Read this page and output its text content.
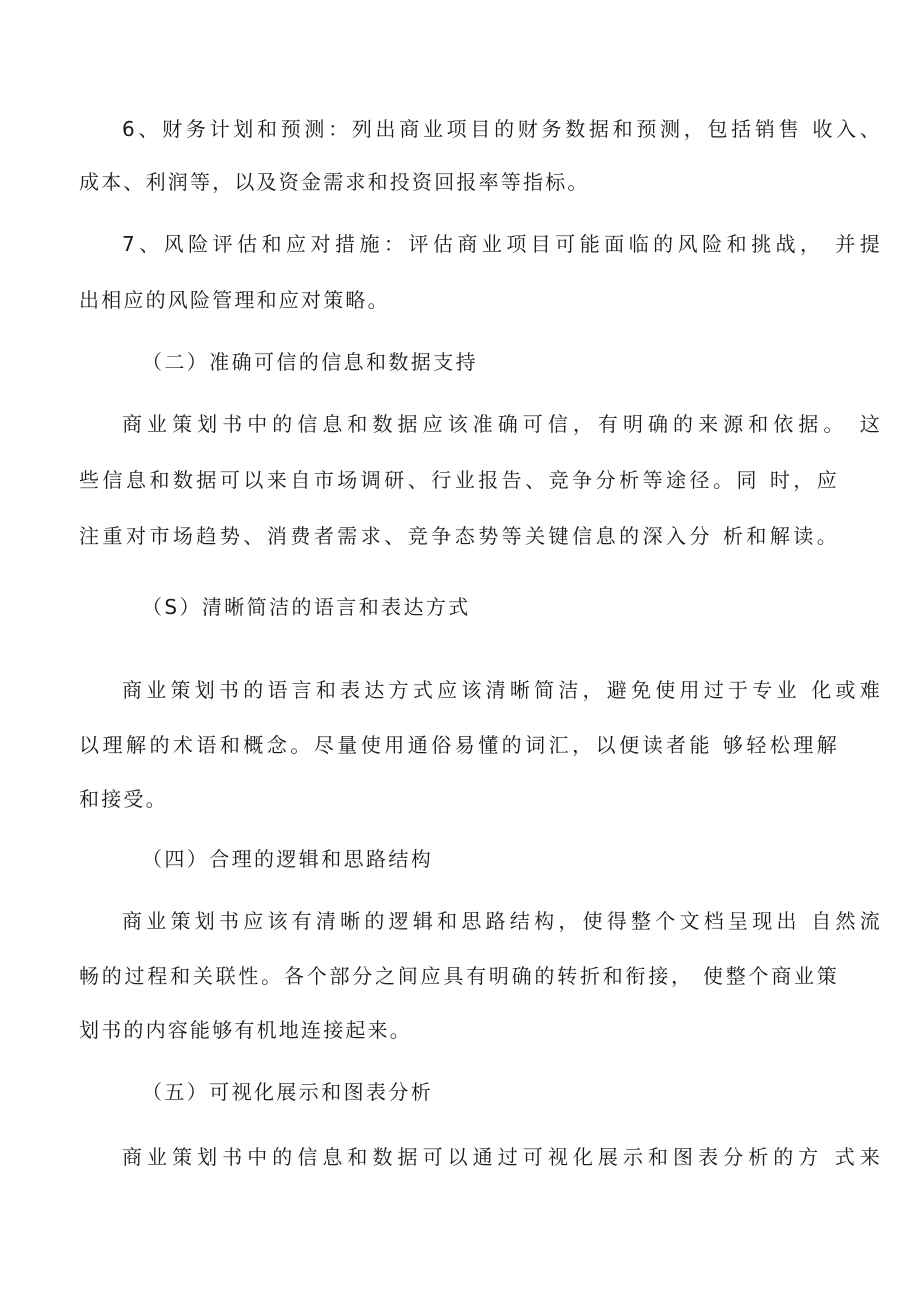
6、财务计划和预测：列出商业项目的财务数据和预测，包括销售 收入、
成本、利润等，以及资金需求和投资回报率等指标。
7、风险评估和应对措施：评估商业项目可能面临的风险和挑战， 并提
出相应的风险管理和应对策略。
（二）准确可信的信息和数据支持
商业策划书中的信息和数据应该准确可信，有明确的来源和依据。 这
些信息和数据可以来自市场调研、行业报告、竞争分析等途径。同 时，应
注重对市场趋势、消费者需求、竞争态势等关键信息的深入分 析和解读。
（S）清晰简洁的语言和表达方式
商业策划书的语言和表达方式应该清晰简洁，避免使用过于专业 化或难
以理解的术语和概念。尽量使用通俗易懂的词汇，以便读者能 够轻松理解
和接受。
（四）合理的逻辑和思路结构
商业策划书应该有清晰的逻辑和思路结构，使得整个文档呈现出 自然流
畅的过程和关联性。各个部分之间应具有明确的转折和衔接， 使整个商业策
划书的内容能够有机地连接起来。
（五）可视化展示和图表分析
商业策划书中的信息和数据可以通过可视化展示和图表分析的方 式来
